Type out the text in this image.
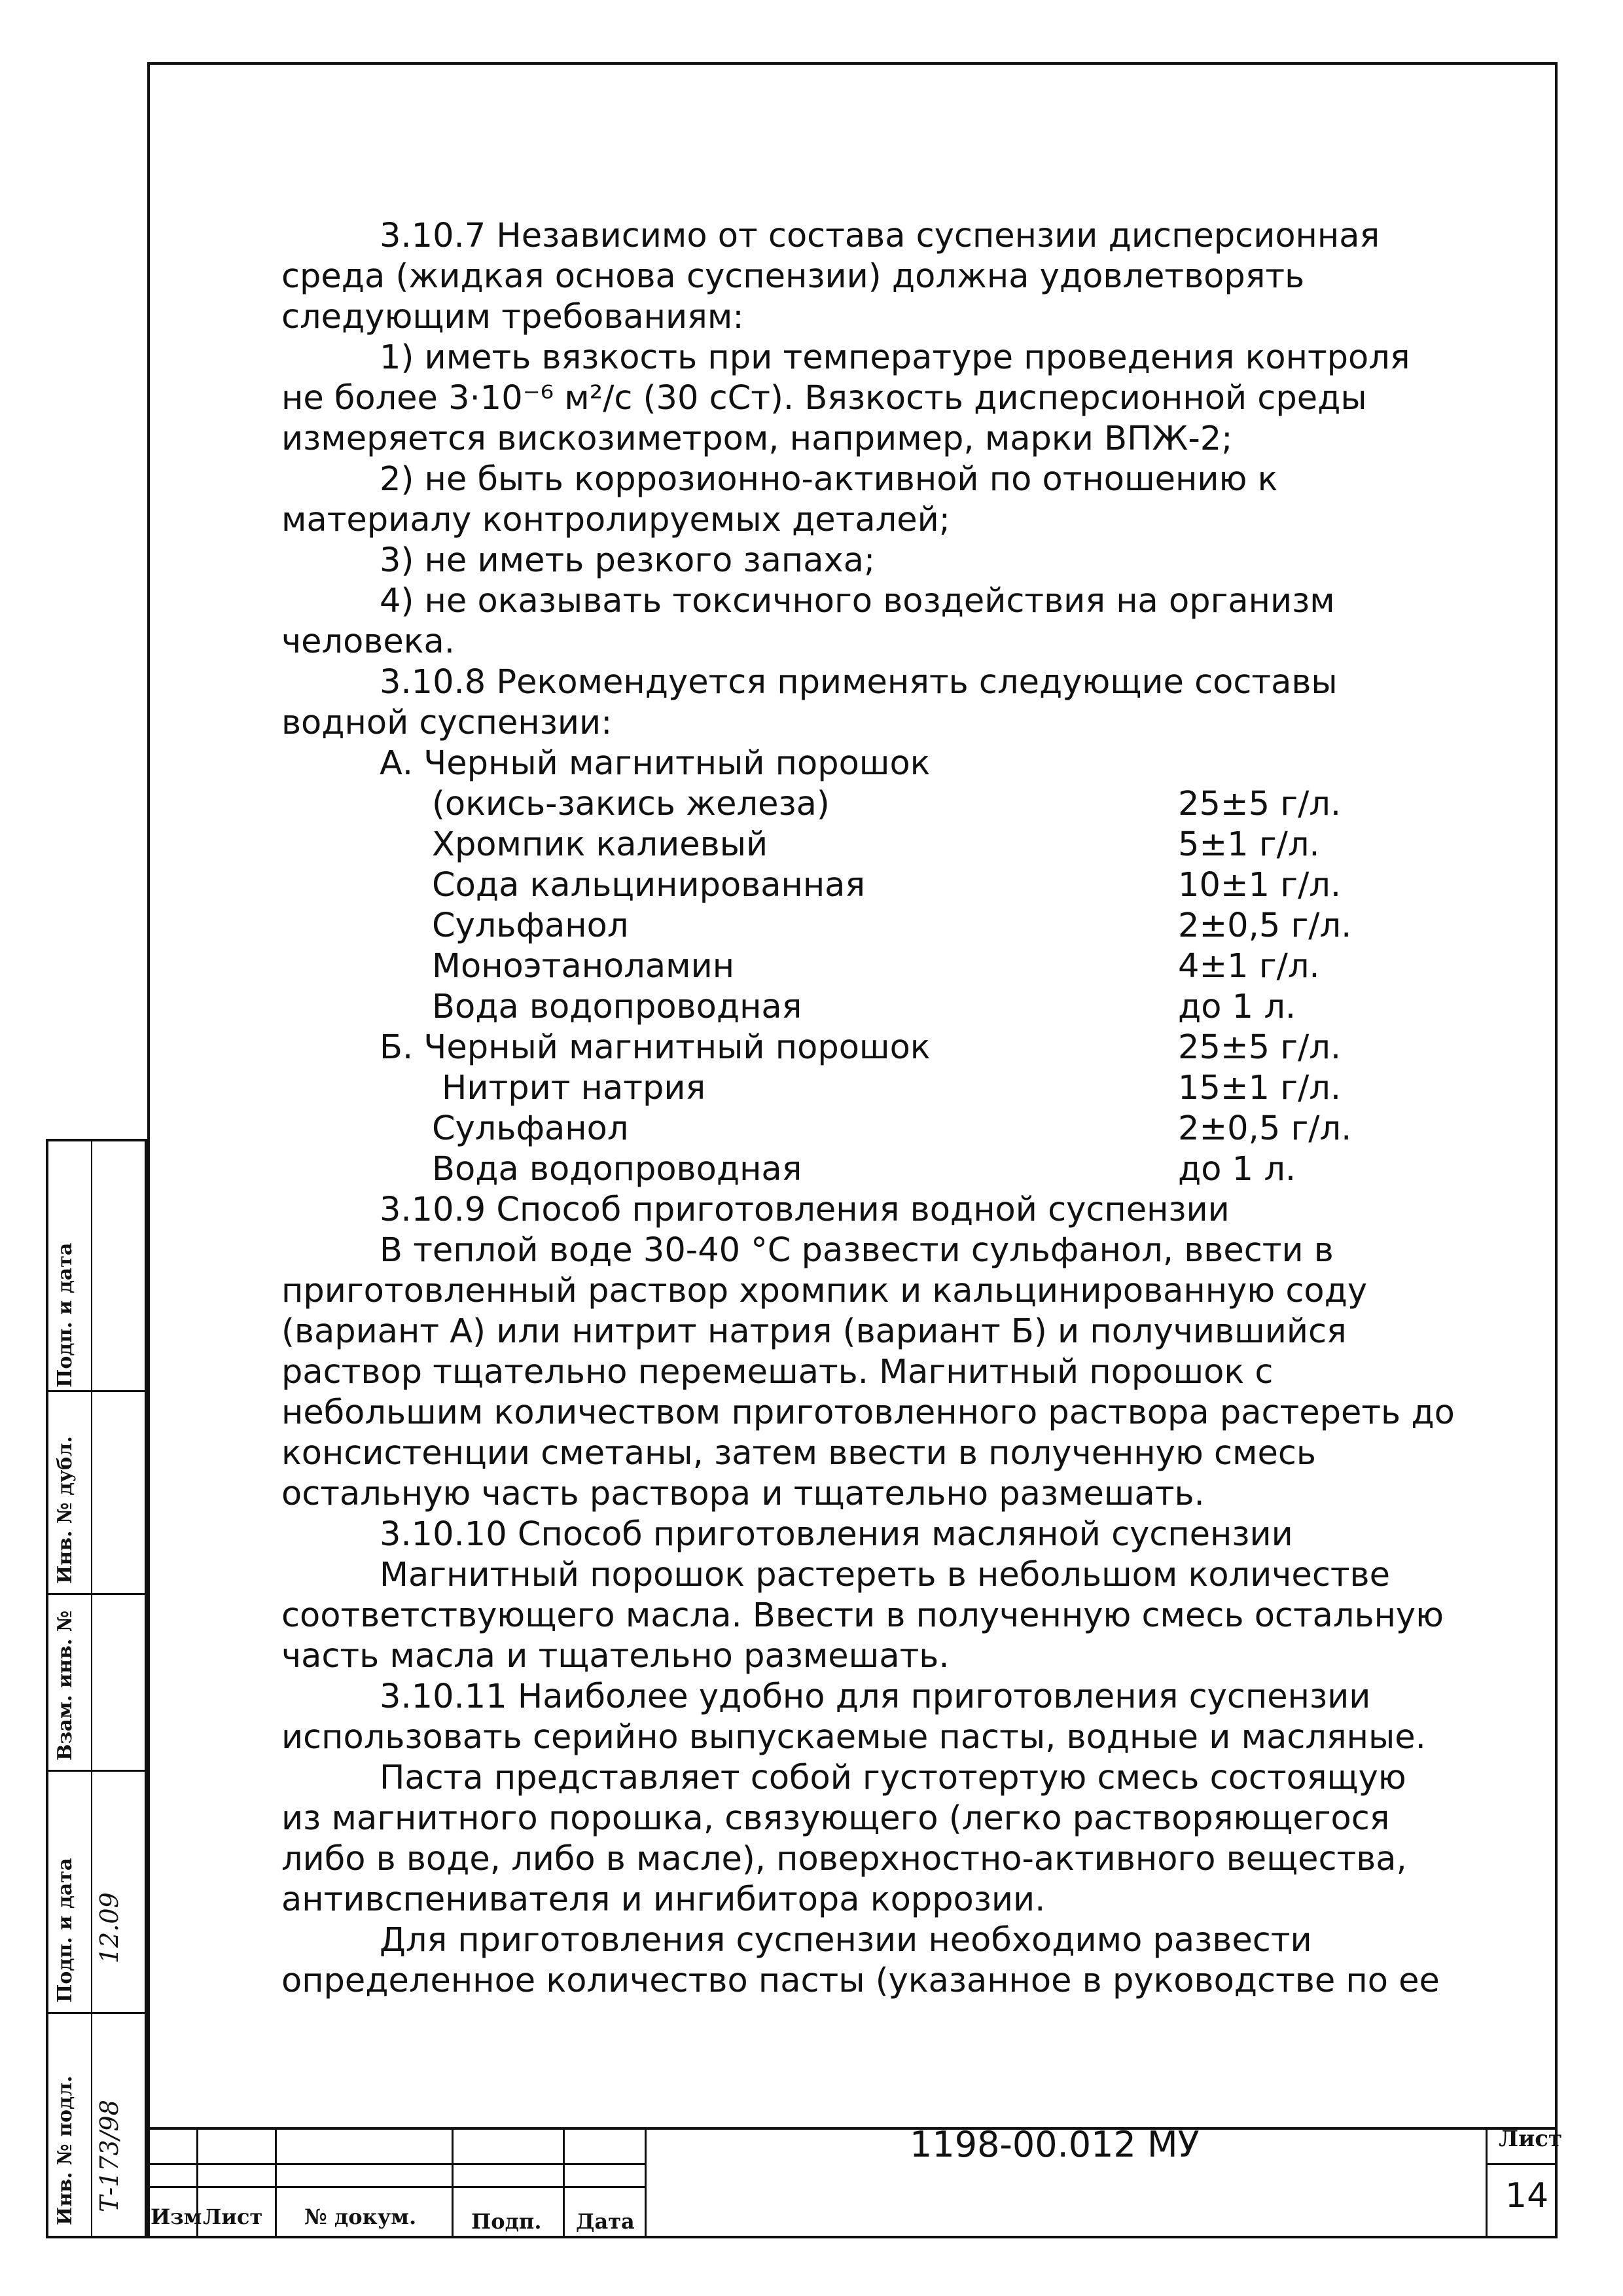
3.10.7 Независимо от состава суспензии дисперсионная

среда (жидкая основа суспензии) должна удовлетворять

следующим требованиям:

1) иметь вязкость при температуре проведения контроля

не более 3·10⁻⁶ м²/с (30 сСт). Вязкость дисперсионной среды

измеряется вискозиметром, например, марки ВПЖ-2;

2) не быть коррозионно-активной по отношению к

материалу контролируемых деталей;

3) не иметь резкого запаха;

4) не оказывать токсичного воздействия на организм

человека.

3.10.8 Рекомендуется применять следующие составы

водной суспензии:

А. Черный магнитный порошок

(окись-закись железа)	25±5 г/л.
Хромпик калиевый	5±1 г/л.
Сода кальцинированная	10±1 г/л.
Сульфанол	2±0,5 г/л.
Моноэтаноламин	4±1 г/л.
Вода водопроводная	до 1 л.
Б. Черный магнитный порошок	25±5 г/л.
Нитрит натрия	15±1 г/л.
Сульфанол	2±0,5 г/л.
Вода водопроводная	до 1 л.

3.10.9 Способ приготовления водной суспензии

В теплой воде 30-40 °С развести сульфанол, ввести в

приготовленный раствор хромпик и кальцинированную соду

(вариант А) или нитрит натрия (вариант Б) и получившийся

раствор тщательно перемешать. Магнитный порошок с

небольшим количеством приготовленного раствора растереть до

консистенции сметаны, затем ввести в полученную смесь

остальную часть раствора и тщательно размешать.

3.10.10 Способ приготовления масляной суспензии

Магнитный порошок растереть в небольшом количестве

соответствующего масла. Ввести в полученную смесь остальную

часть масла и тщательно размешать.

3.10.11 Наиболее удобно для приготовления суспензии

использовать серийно выпускаемые пасты, водные и масляные.

Паста представляет собой густотертую смесь состоящую

из магнитного порошка, связующего (легко растворяющегося

либо в воде, либо в масле), поверхностно-активного вещества,

антивспенивателя и ингибитора коррозии.

Для приготовления суспензии необходимо развести

определенное количество пасты (указанное в руководстве по ее

Подп. и дата
Инв. № дубл.
Взам. инв. №
Подп. и дата
Инв. № подл. Т-173/98
12.09
Изм Лист № докум.	Подп. Дата
1198-00.012 МУ	Лист
14
